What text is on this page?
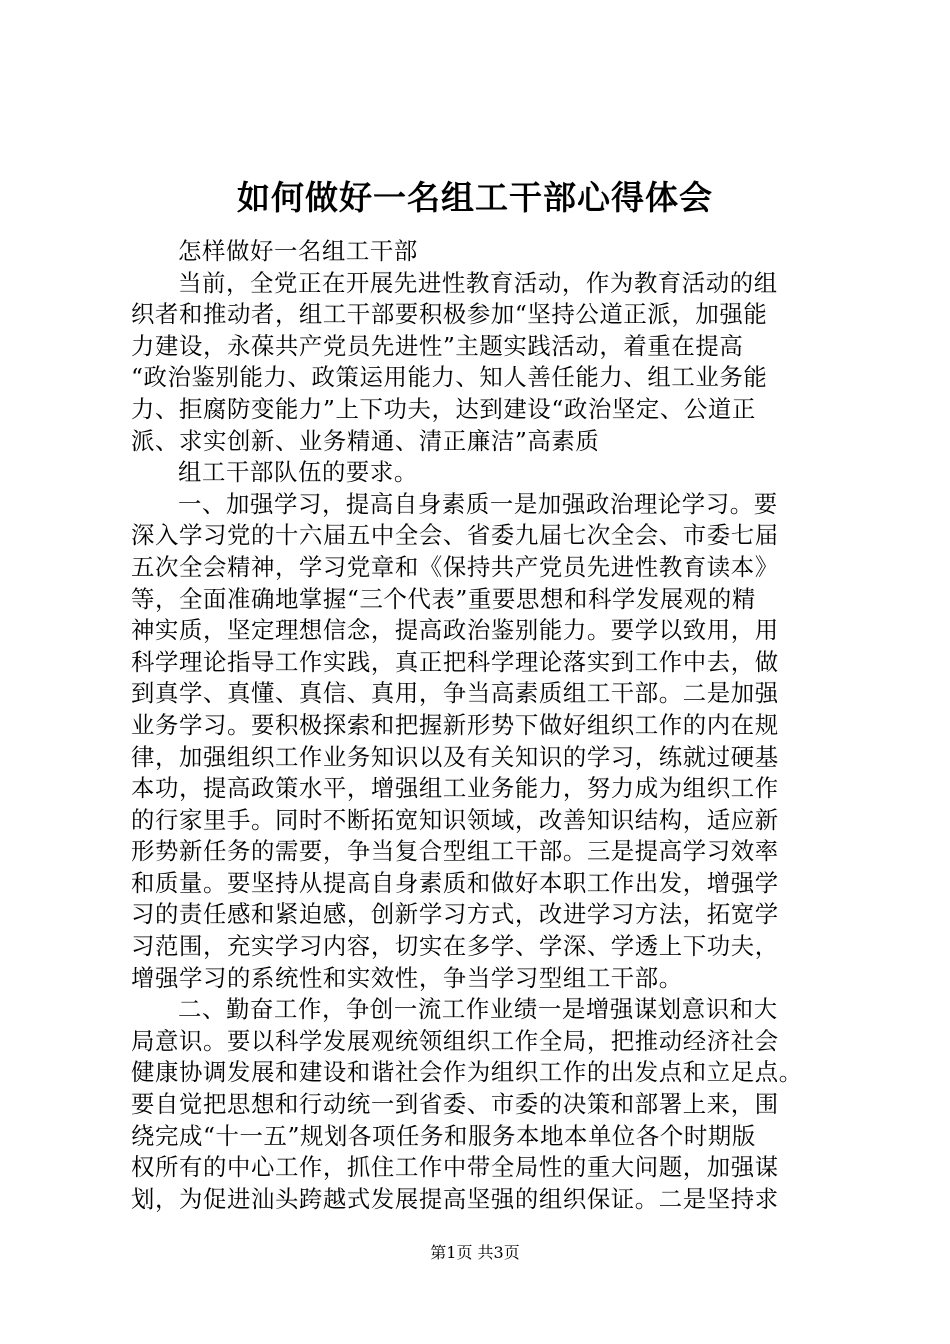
如何做好一名组工干部心得体会
怎样做好一名组工干部
当前，全党正在开展先进性教育活动，作为教育活动的组
织者和推动者，组工干部要积极参加“坚持公道正派，加强能
力建设，永葆共产党员先进性”主题实践活动，着重在提高
“政治鉴别能力、政策运用能力、知人善任能力、组工业务能
力、拒腐防变能力”上下功夫，达到建设“政治坚定、公道正
派、求实创新、业务精通、清正廉洁”高素质
组工干部队伍的要求。
一、加强学习，提高自身素质一是加强政治理论学习。要
深入学习党的十六届五中全会、省委九届七次全会、市委七届
五次全会精神，学习党章和《保持共产党员先进性教育读本》
等，全面准确地掌握“三个代表”重要思想和科学发展观的精
神实质，坚定理想信念，提高政治鉴别能力。要学以致用，用
科学理论指导工作实践，真正把科学理论落实到工作中去，做
到真学、真懂、真信、真用，争当高素质组工干部。二是加强
业务学习。要积极探索和把握新形势下做好组织工作的内在规
律，加强组织工作业务知识以及有关知识的学习，练就过硬基
本功，提高政策水平，增强组工业务能力，努力成为组织工作
的行家里手。同时不断拓宽知识领域，改善知识结构，适应新
形势新任务的需要，争当复合型组工干部。三是提高学习效率
和质量。要坚持从提高自身素质和做好本职工作出发，增强学
习的责任感和紧迫感，创新学习方式，改进学习方法，拓宽学
习范围，充实学习内容，切实在多学、学深、学透上下功夫，
增强学习的系统性和实效性，争当学习型组工干部。
二、勤奋工作，争创一流工作业绩一是增强谋划意识和大
局意识。要以科学发展观统领组织工作全局，把推动经济社会
健康协调发展和建设和谐社会作为组织工作的出发点和立足点。
要自觉把思想和行动统一到省委、市委的决策和部署上来，围
绕完成“十一五”规划各项任务和服务本地本单位各个时期版
权所有的中心工作，抓住工作中带全局性的重大问题，加强谋
划，为促进汕头跨越式发展提高坚强的组织保证。二是坚持求
第1页 共3页
